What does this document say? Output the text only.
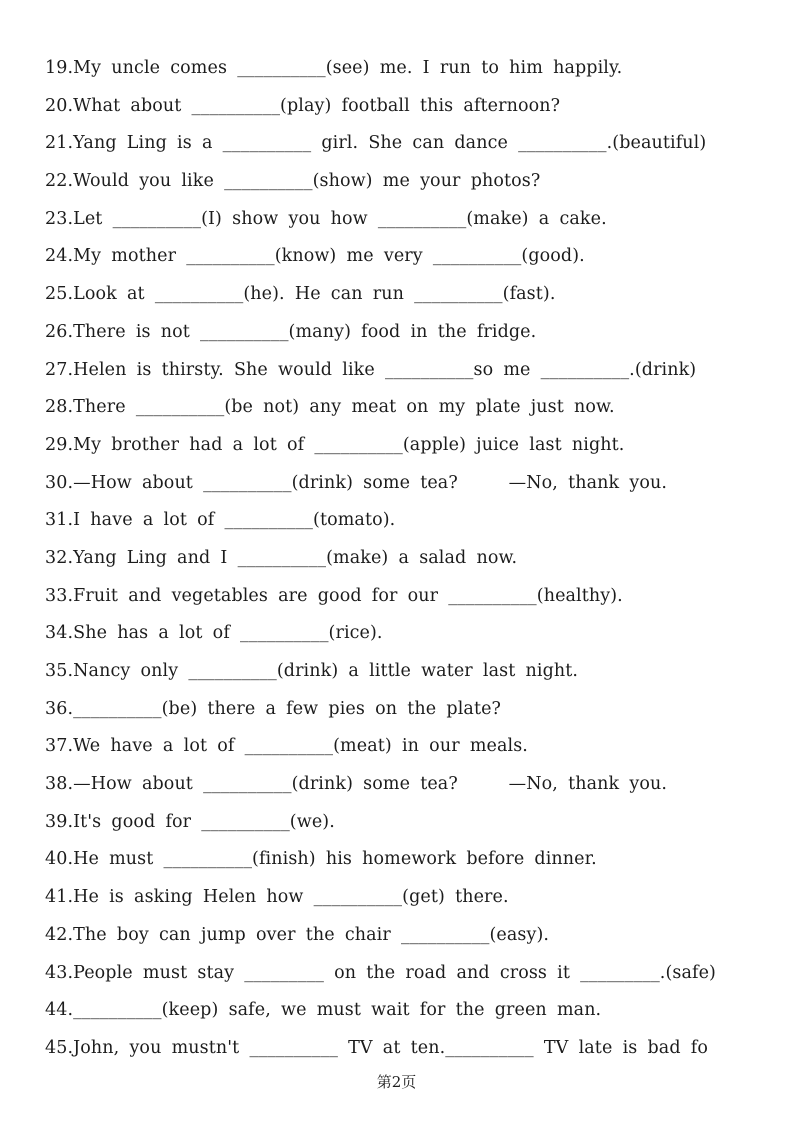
19.My uncle comes __________(see) me. I run to him happily.
20.What about __________(play) football this afternoon?
21.Yang Ling is a __________ girl. She can dance __________.(beautiful)
22.Would you like __________(show) me your photos?
23.Let __________(I) show you how __________(make) a cake.
24.My mother __________(know) me very __________(good).
25.Look at __________(he). He can run __________(fast).
26.There is not __________(many) food in the fridge.
27.Helen is thirsty. She would like __________so me __________.(drink)
28.There __________(be not) any meat on my plate just now.
29.My brother had a lot of __________(apple) juice last night.
30.—How about __________(drink) some tea?     —No, thank you.
31.I have a lot of __________(tomato).
32.Yang Ling and I __________(make) a salad now.
33.Fruit and vegetables are good for our __________(healthy).
34.She has a lot of __________(rice).
35.Nancy only __________(drink) a little water last night.
36.__________(be) there a few pies on the plate?
37.We have a lot of __________(meat) in our meals.
38.—How about __________(drink) some tea?     —No, thank you.
39.It's good for __________(we).
40.He must __________(finish) his homework before dinner.
41.He is asking Helen how __________(get) there.
42.The boy can jump over the chair __________(easy).
43.People must stay _________ on the road and cross it _________.(safe)
44.__________(keep) safe, we must wait for the green man.
45.John, you mustn't __________ TV at ten.__________ TV late is bad fo
第2页
